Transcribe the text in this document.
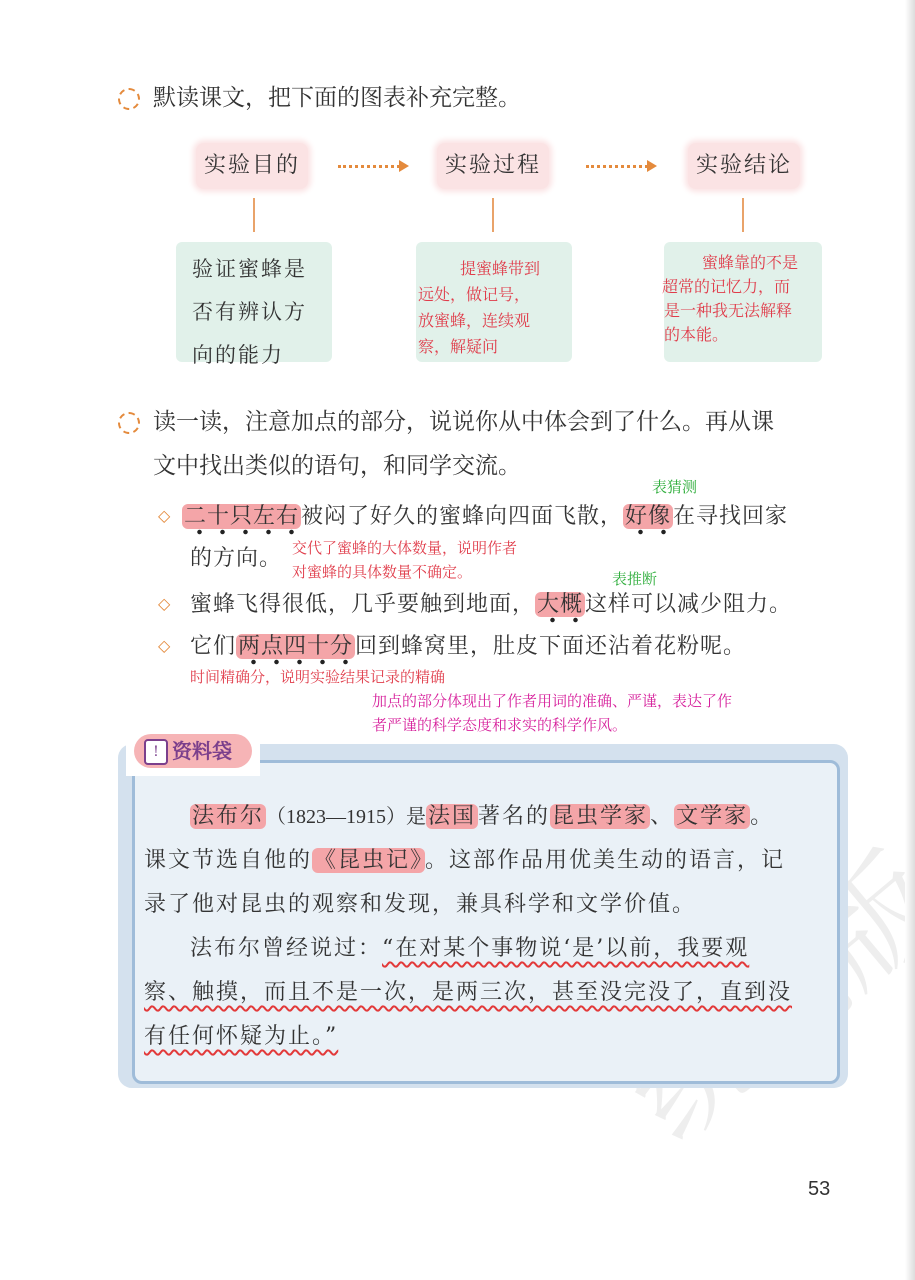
默读课文，把下面的图表补充完整。
实验目的	实验过程	实验结论
验证蜜蜂是
否有辨认方
向的能力
提蜜蜂带到
远处，做记号，
放蜜蜂，连续观
察，解疑问
蜜蜂靠的不是
超常的记忆力，而
是一种我无法解释
的本能。
读一读，注意加点的部分，说说你从中体会到了什么。再从课
文中找出类似的语句，和同学交流。
表猜测
◇ 二十只左右
被闷了好久的蜜蜂向四面飞散，好像
在寻找回家
的方向。 交代了蜜蜂的大体数量，说明作者
对蜜蜂的具体数量不确定。	表推断
◇ 蜜蜂飞得很低，几乎要触到地面，大概
这样可以减少阻力。
◇ 它们两点四十分
回到蜂窝里，肚皮下面还沾着花粉呢。
时间精确分，说明实验结果记录的精确
加点的部分体现出了作者用词的准确、严谨，表达了作
者严谨的科学态度和求实的科学作风。
! 资料袋
法布尔 （1823—1915）是法国著名的昆虫学家、文学家。
课文节选自他的《昆虫记》。这部作品用优美生动的语言，记
录了他对昆虫的观察和发现，兼具科学和文学价值。
法布尔曾经说过：“在对某个事物说‘是’以前，我要观
察、触摸，而且不是一次，是两三次，甚至没完没了，直到没
有任何怀疑为止。”
53
